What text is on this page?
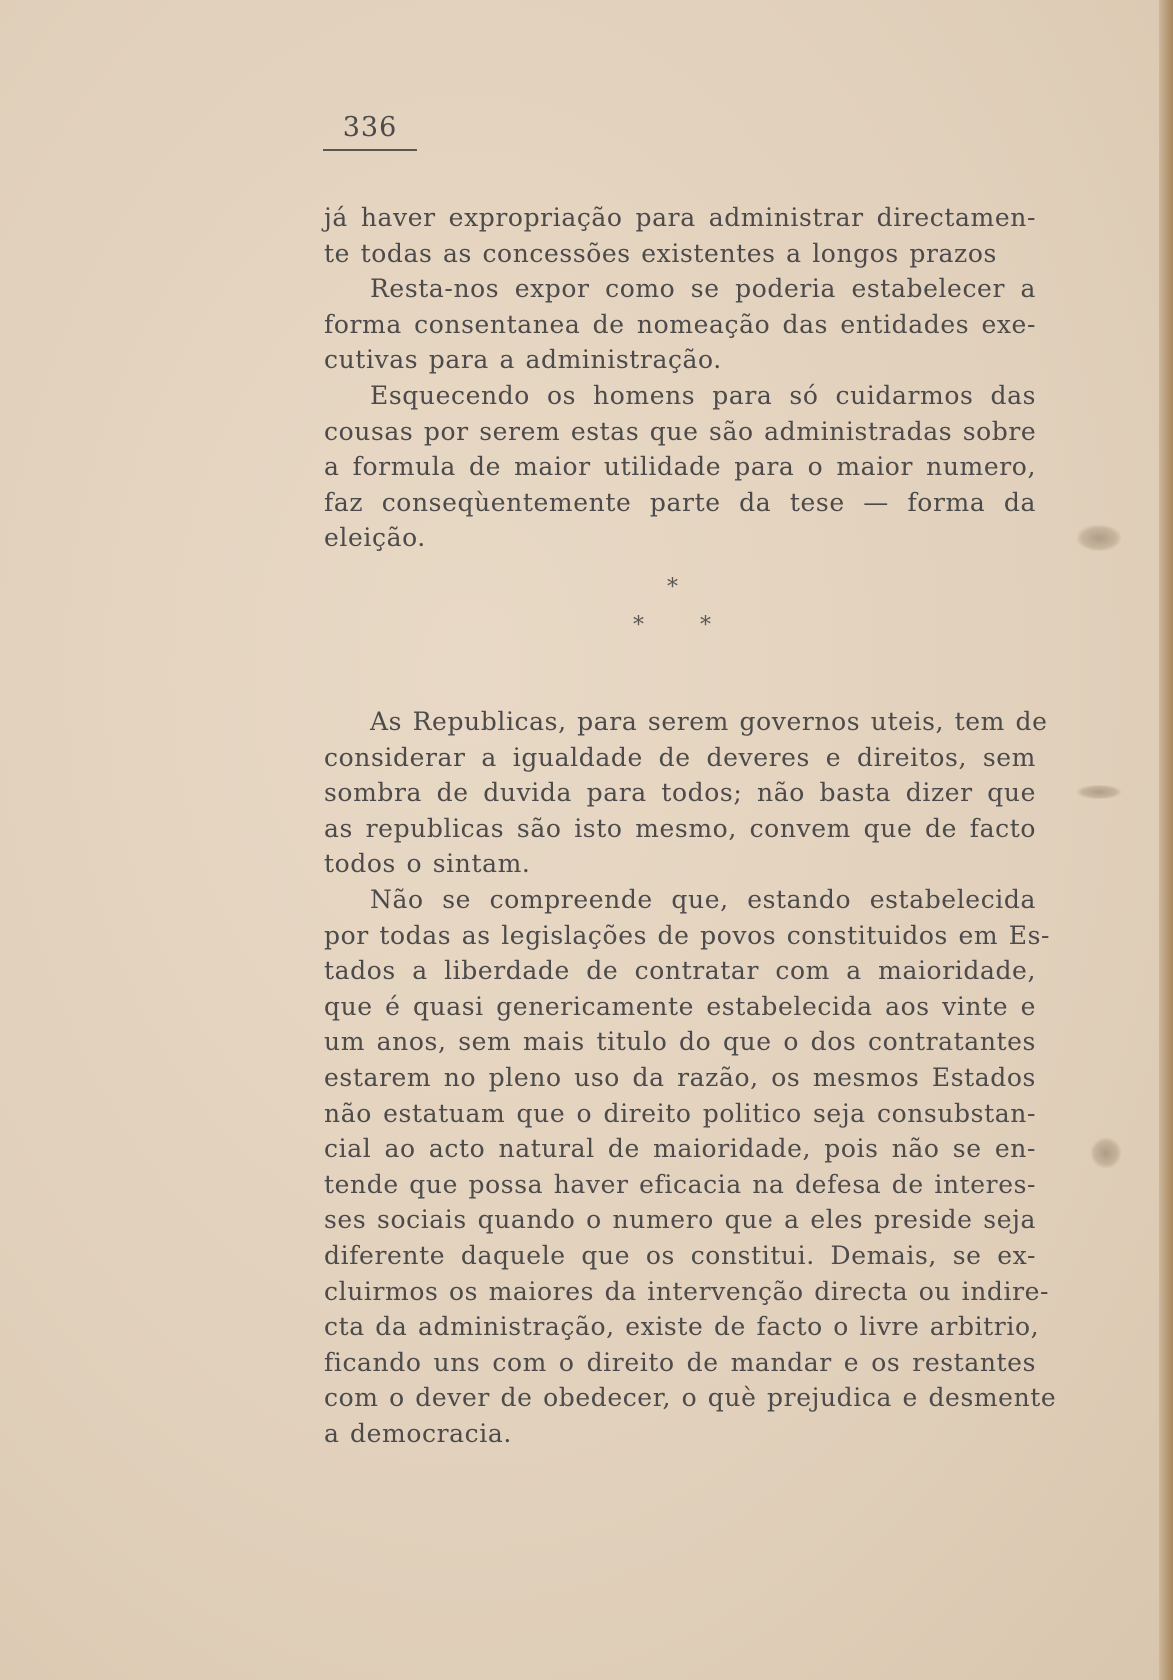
336
já haver expropriação para administrar directamen-
te todas as concessões existentes a longos prazos
Resta-nos expor como se poderia estabelecer a
forma consentanea de nomeação das entidades exe-
cutivas para a administração.
Esquecendo os homens para só cuidarmos das
cousas por serem estas que são administradas sobre
a formula de maior utilidade para o maior numero,
faz conseqùentemente parte da tese — forma da
eleição.
*
*	*
As Republicas, para serem governos uteis, tem de
considerar a igualdade de deveres e direitos, sem
sombra de duvida para todos; não basta dizer que
as republicas são isto mesmo, convem que de facto
todos o sintam.
Não se compreende que, estando estabelecida
por todas as legislações de povos constituidos em Es-
tados a liberdade de contratar com a maioridade,
que é quasi genericamente estabelecida aos vinte e
um anos, sem mais titulo do que o dos contratantes
estarem no pleno uso da razão, os mesmos Estados
não estatuam que o direito politico seja consubstan-
cial ao acto natural de maioridade, pois não se en-
tende que possa haver eficacia na defesa de interes-
ses sociais quando o numero que a eles preside seja
diferente daquele que os constitui. Demais, se ex-
cluirmos os maiores da intervenção directa ou indire-
cta da administração, existe de facto o livre arbitrio,
ficando uns com o direito de mandar e os restantes
com o dever de obedecer, o què prejudica e desmente
a democracia.
